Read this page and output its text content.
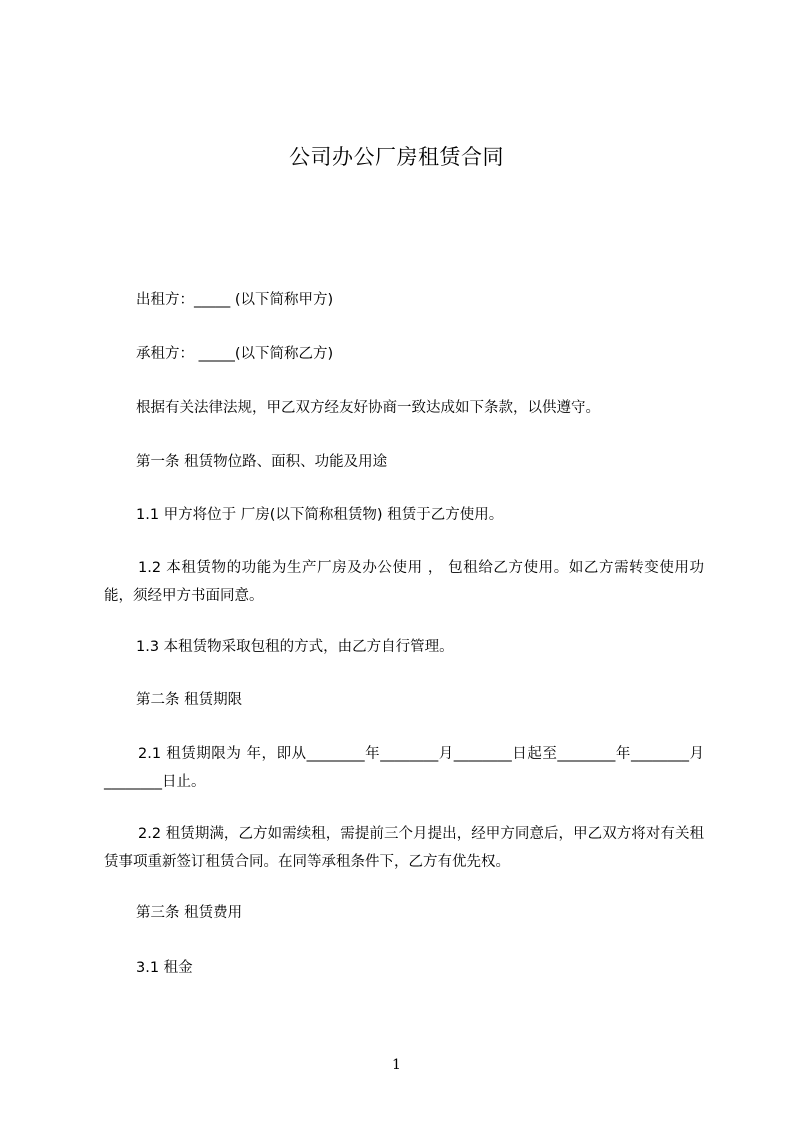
公司办公厂房租赁合同

出租方：_____ (以下简称甲方)

承租方： _____(以下简称乙方)

根据有关法律法规，甲乙双方经友好协商一致达成如下条款，以供遵守。

第一条 租赁物位路、面积、功能及用途

1.1 甲方将位于 厂房(以下简称租赁物) 租赁于乙方使用。

1.2 本租赁物的功能为生产厂房及办公使用 ， 包租给乙方使用。如乙方需转变使用功能，须经甲方书面同意。

1.3 本租赁物采取包租的方式，由乙方自行管理。

第二条 租赁期限

2.1 租赁期限为 年，即从________年________月________日起至________年________月________日止。

2.2 租赁期满，乙方如需续租，需提前三个月提出，经甲方同意后，甲乙双方将对有关租赁事项重新签订租赁合同。在同等承租条件下，乙方有优先权。

第三条 租赁费用

3.1 租金

1
